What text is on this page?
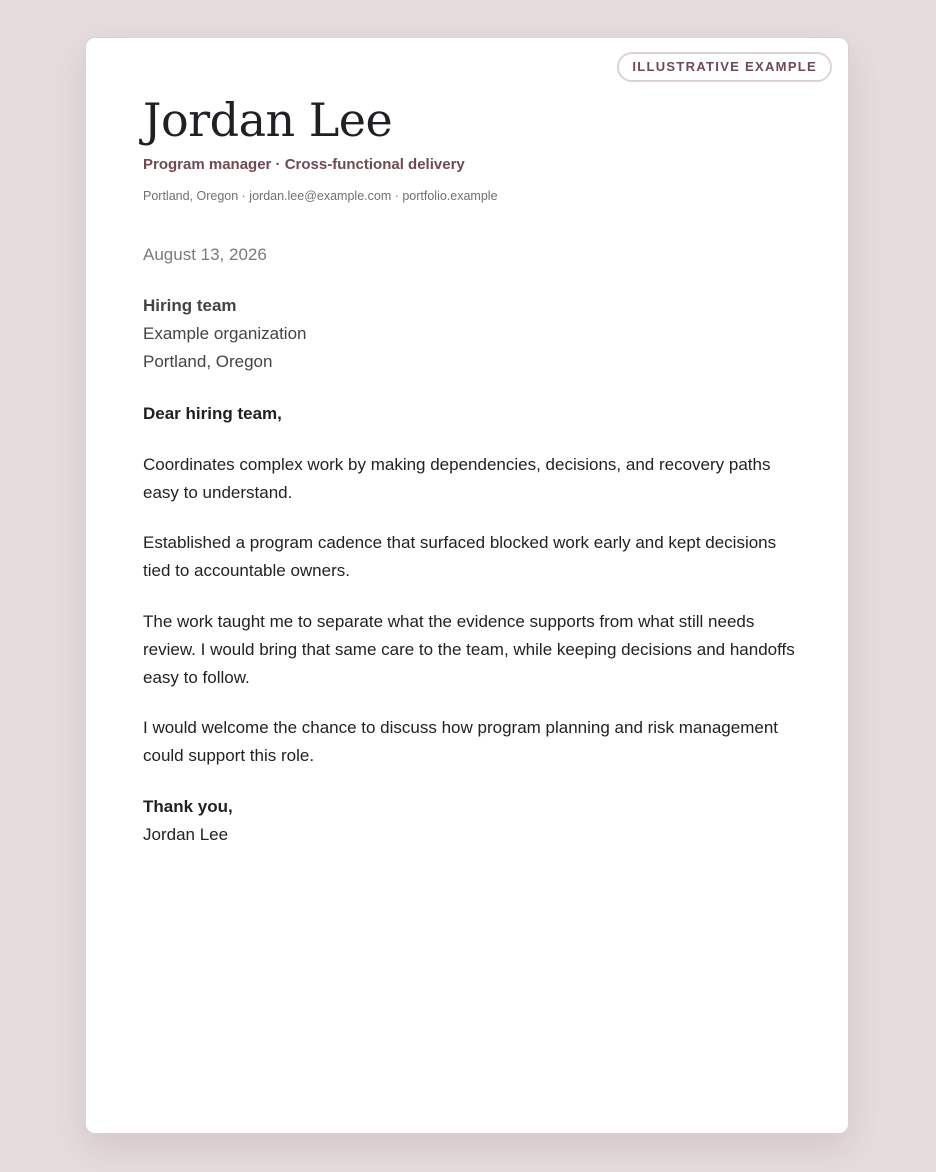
ILLUSTRATIVE EXAMPLE
Jordan Lee
Program manager · Cross-functional delivery
Portland, Oregon · jordan.lee@example.com · portfolio.example
August 13, 2026
Hiring team
Example organization
Portland, Oregon
Dear hiring team,

Coordinates complex work by making dependencies, decisions, and recovery paths easy to understand.

Established a program cadence that surfaced blocked work early and kept decisions tied to accountable owners.

The work taught me to separate what the evidence supports from what still needs review. I would bring that same care to the team, while keeping decisions and handoffs easy to follow.

I would welcome the chance to discuss how program planning and risk management could support this role.

Thank you,
Jordan Lee
